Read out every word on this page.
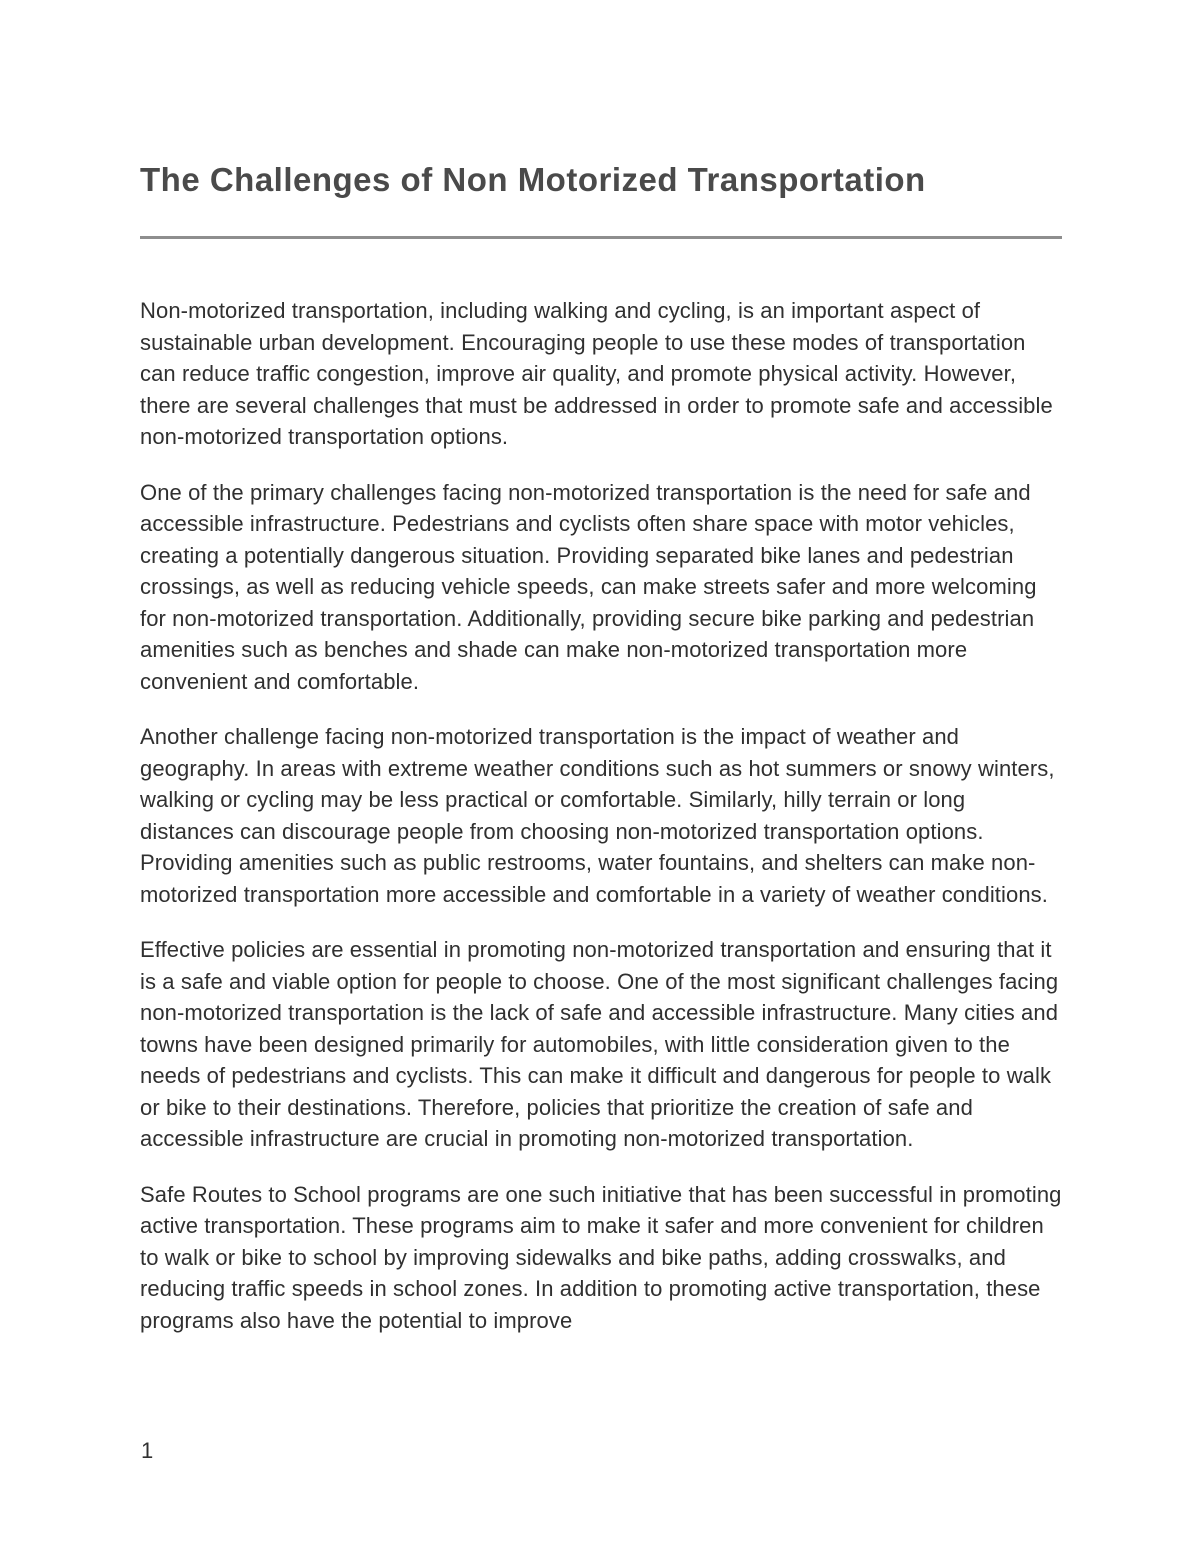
The Challenges of Non Motorized Transportation

Non-motorized transportation, including walking and cycling, is an important aspect of sustainable urban development. Encouraging people to use these modes of transportation can reduce traffic congestion, improve air quality, and promote physical activity. However, there are several challenges that must be addressed in order to promote safe and accessible non-motorized transportation options.

One of the primary challenges facing non-motorized transportation is the need for safe and accessible infrastructure. Pedestrians and cyclists often share space with motor vehicles, creating a potentially dangerous situation. Providing separated bike lanes and pedestrian crossings, as well as reducing vehicle speeds, can make streets safer and more welcoming for non-motorized transportation. Additionally, providing secure bike parking and pedestrian amenities such as benches and shade can make non-motorized transportation more convenient and comfortable.

Another challenge facing non-motorized transportation is the impact of weather and geography. In areas with extreme weather conditions such as hot summers or snowy winters, walking or cycling may be less practical or comfortable. Similarly, hilly terrain or long distances can discourage people from choosing non-motorized transportation options. Providing amenities such as public restrooms, water fountains, and shelters can make non-motorized transportation more accessible and comfortable in a variety of weather conditions.

Effective policies are essential in promoting non-motorized transportation and ensuring that it is a safe and viable option for people to choose. One of the most significant challenges facing non-motorized transportation is the lack of safe and accessible infrastructure. Many cities and towns have been designed primarily for automobiles, with little consideration given to the needs of pedestrians and cyclists. This can make it difficult and dangerous for people to walk or bike to their destinations. Therefore, policies that prioritize the creation of safe and accessible infrastructure are crucial in promoting non-motorized transportation.

Safe Routes to School programs are one such initiative that has been successful in promoting active transportation. These programs aim to make it safer and more convenient for children to walk or bike to school by improving sidewalks and bike paths, adding crosswalks, and reducing traffic speeds in school zones. In addition to promoting active transportation, these programs also have the potential to improve

1
